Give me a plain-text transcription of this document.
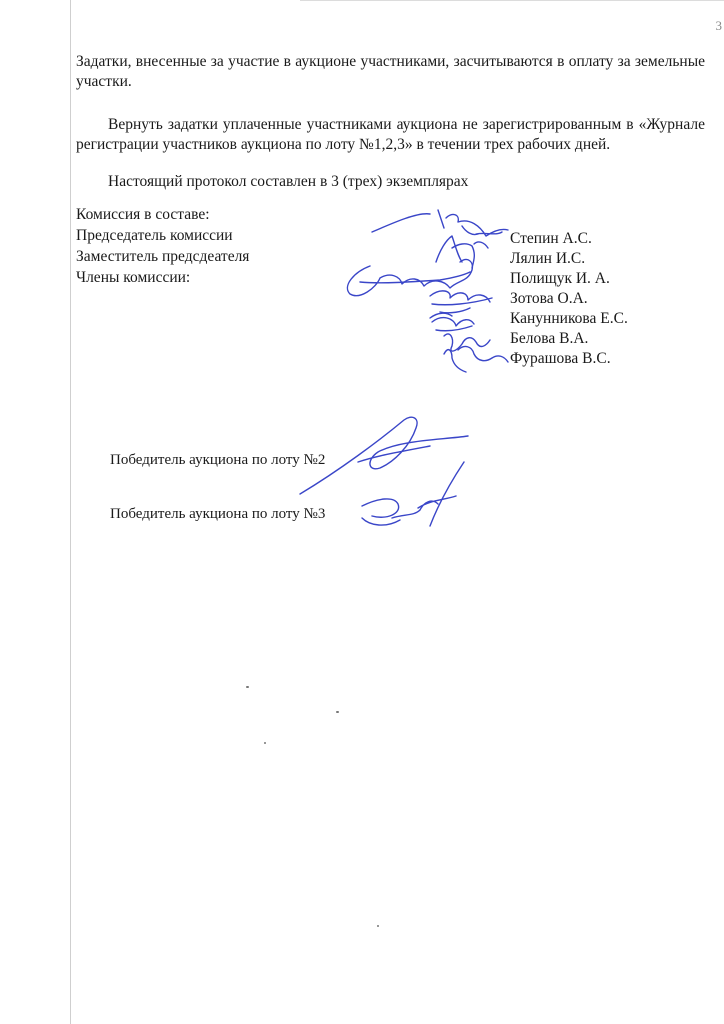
3
Задатки, внесенные за участие в аукционе участниками, засчитываются в оплату за земельные участки.
Вернуть задатки уплаченные участниками аукциона не зарегистрированным в «Журнале регистрации участников аукциона по лоту №1,2,3» в течении трех рабочих дней.
Настоящий протокол составлен в 3 (трех) экземплярах
Комиссия в составе:
Председатель комиссии
Заместитель предсдеателя
Члены комиссии:
Степин А.С.
Лялин И.С.
Полищук И. А.
Зотова О.А.
Канунникова Е.С.
Белова В.А.
Фурашова В.С.
Победитель аукциона по лоту №2
Победитель аукциона по лоту №3
